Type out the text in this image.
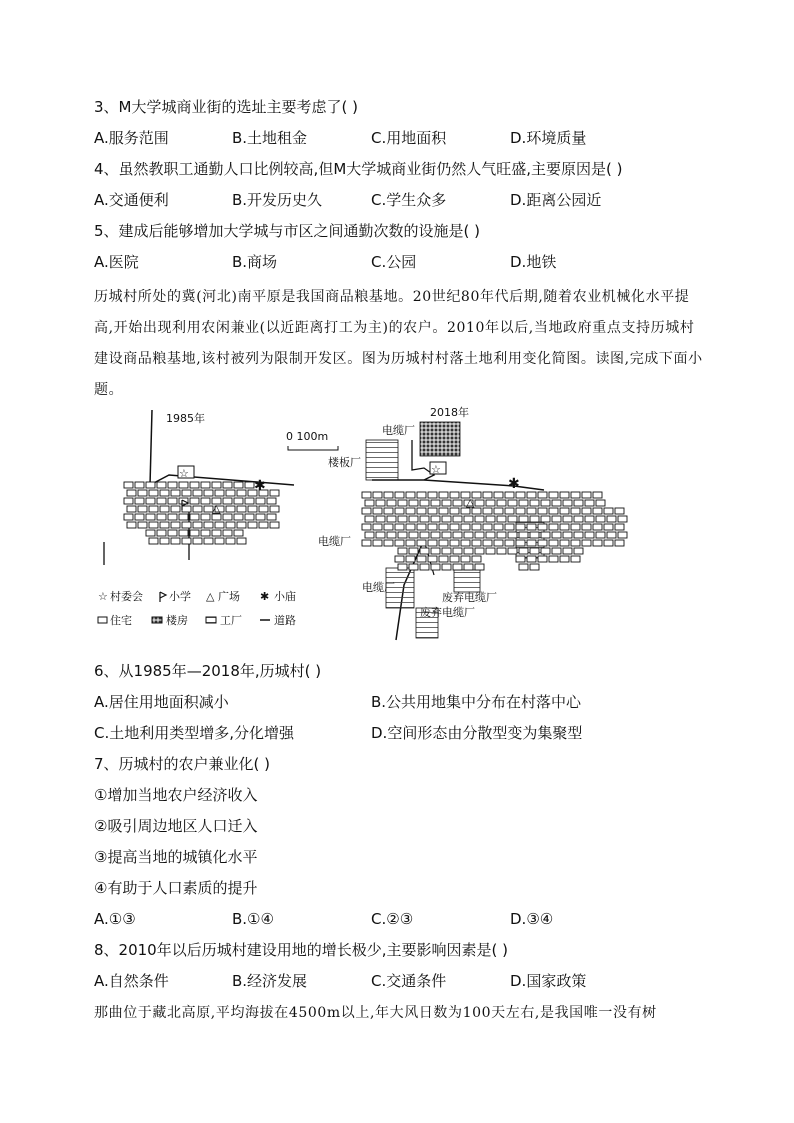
3、M大学城商业街的选址主要考虑了( )
A.服务范围	B.土地租金	C.用地面积	D.环境质量
4、虽然教职工通勤人口比例较高,但M大学城商业街仍然人气旺盛,主要原因是( )
A.交通便利	B.开发历史久	C.学生众多	D.距离公园近
5、建成后能够增加大学城与市区之间通勤次数的设施是( )
A.医院	B.商场	C.公园	D.地铁
历城村所处的冀(河北)南平原是我国商品粮基地。20世纪80年代后期,随着农业机械化水平提高,开始出现利用农闲兼业(以近距离打工为主)的农户。2010年以后,当地政府重点支持历城村建设商品粮基地,该村被列为限制开发区。图为历城村村落土地利用变化简图。读图,完成下面小题。
1985年
☆
✱
△
0 100m
2018年
☆
✱
△
电缆厂
楼板厂
电缆厂
电缆厂
废弃电缆厂
废弃电缆厂
☆ 村委会 小学 △ 广场 ✱ 小庙
住宅	楼房	工厂	道路
6、从1985年—2018年,历城村( )
A.居住用地面积减小	B.公共用地集中分布在村落中心
C.土地利用类型增多,分化增强	D.空间形态由分散型变为集聚型
7、历城村的农户兼业化( )
①增加当地农户经济收入
②吸引周边地区人口迁入
③提高当地的城镇化水平
④有助于人口素质的提升
A.①③	B.①④	C.②③	D.③④
8、2010年以后历城村建设用地的增长极少,主要影响因素是( )
A.自然条件	B.经济发展	C.交通条件	D.国家政策
那曲位于藏北高原,平均海拔在4500m以上,年大风日数为100天左右,是我国唯一没有树
